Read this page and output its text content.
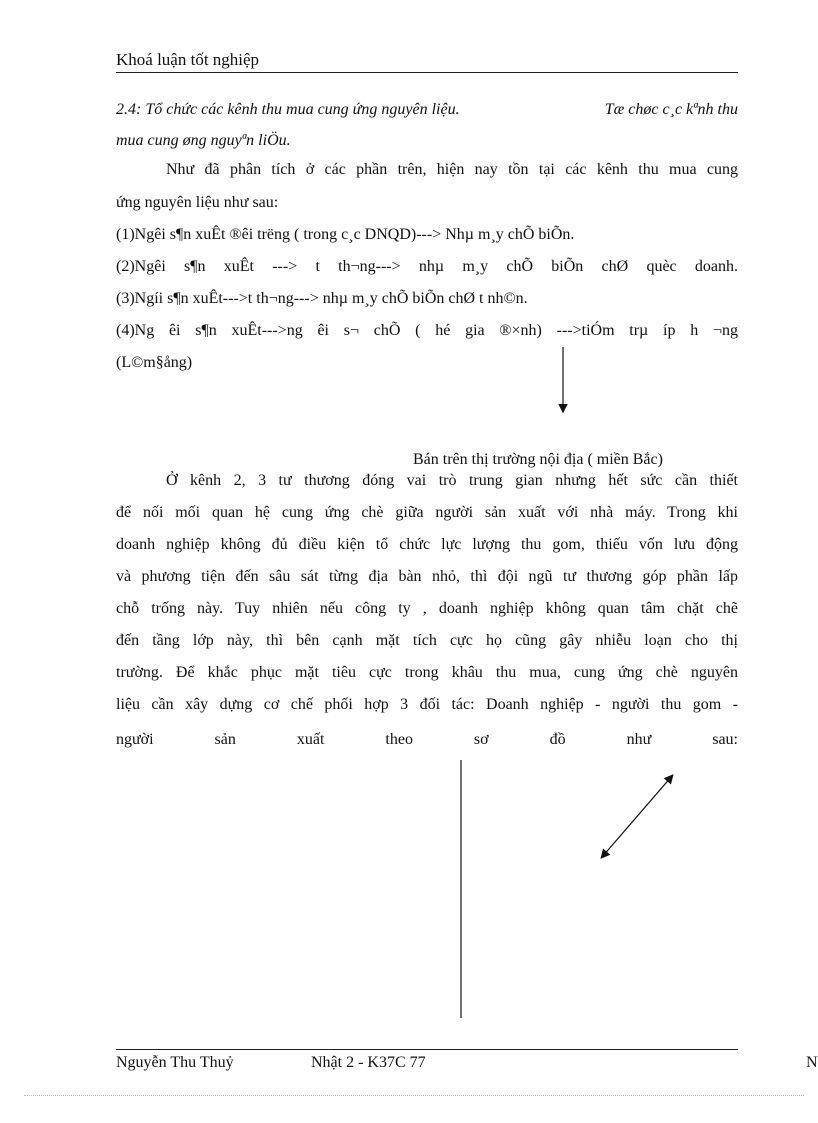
Khoá luận tốt nghiệp
2.4: Tổ chức các kênh thu mua cung ứng nguyên liệu.	Tæ chøc c¸c kªnh thu

mua cung øng nguyªn liÖu.
Như đã phân tích ở các phần trên, hiện nay tồn tại các kênh thu mua cung
ứng nguyên liệu như sau:
(1)Ngêi s¶n xuÊt ®êi trëng ( trong c¸c DNQD)---> Nhµ m¸y chÕ biÕn.
(2)Ngêi s¶n xuÊt ---> t th¬ng---> nhµ m¸y chÕ biÕn chØ quèc doanh.
(3)Ngíi s¶n xuÊt--->t th¬ng---> nhµ m¸y chÕ biÕn chØ t nh©n.
(4)Ng êi s¶n xuÊt--->ng êi s¬ chÕ ( hé gia ®×nh) --->tiÓm trµ íp h ¬ng
(L©m§ång)
Bán trên thị trường nội địa ( miền Bắc)
Ở kênh 2, 3 tư thương đóng vai trò trung gian nhưng hết sức cần thiết
để nối mối quan hệ cung ứng chè giữa người sản xuất với nhà máy. Trong khi
doanh nghiệp không đủ điều kiện tổ chức lực lượng thu gom, thiếu vốn lưu động
và phương tiện đến sâu sát từng địa bàn nhỏ, thì đội ngũ tư thương góp phần lấp
chỗ trống này. Tuy nhiên nếu công ty , doanh nghiệp không quan tâm chặt chẽ
đến tầng lớp này, thì bên cạnh mặt tích cực họ cũng gây nhiễu loạn cho thị
trường. Để khắc phục mặt tiêu cực trong khâu thu mua, cung ứng chè nguyên
liệu cần xây dựng cơ chế phối hợp 3 đối tác: Doanh nghiệp - người thu gom -
người sản xuất theo sơ đồ như sau:
Nguyễn Thu Thuỷ	Nhật 2 - K37C 77	N
